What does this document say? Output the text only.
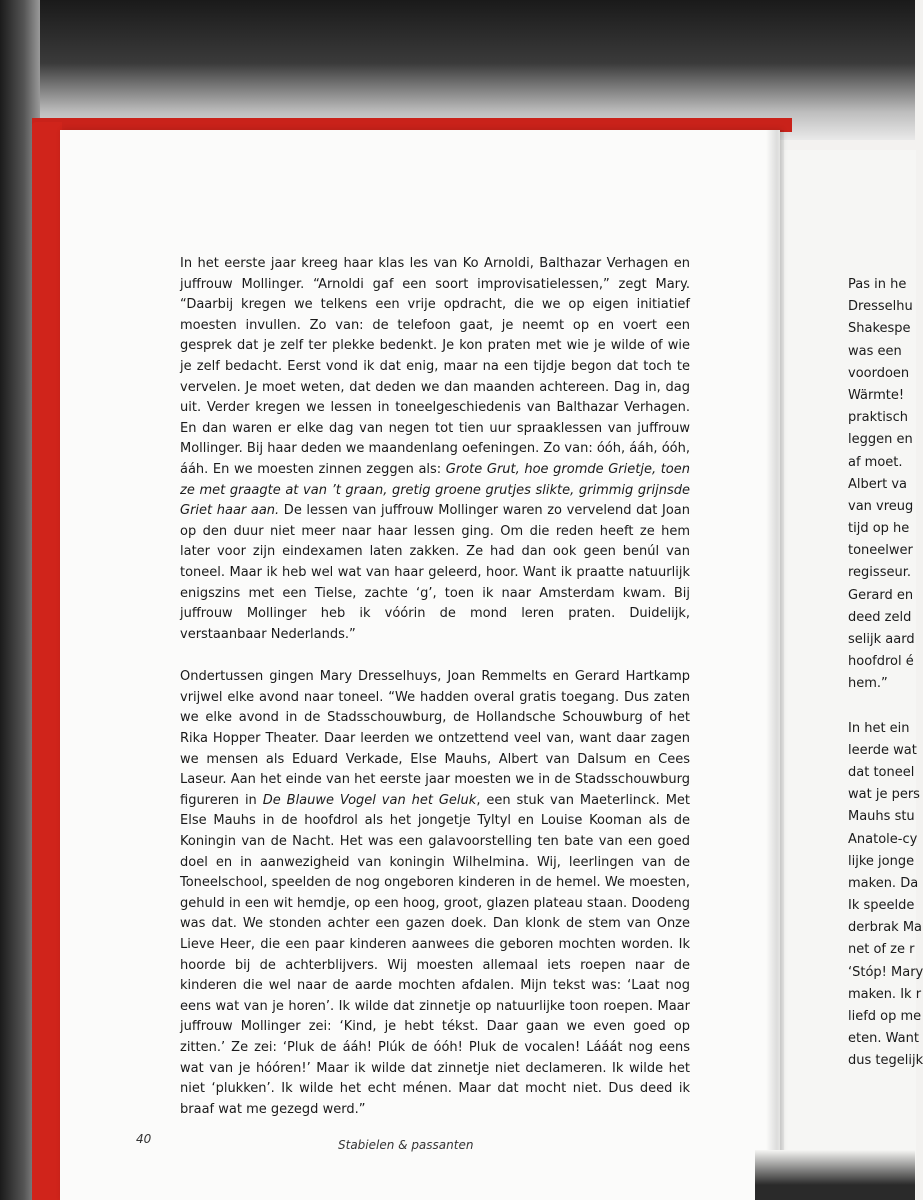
In het eerste jaar kreeg haar klas les van Ko Arnoldi, Balthazar Verhagen en juffrouw Mollinger. “Arnoldi gaf een soort improvisatielessen,” zegt Mary. “Daarbij kregen we telkens een vrije opdracht, die we op eigen initiatief moesten invullen. Zo van: de telefoon gaat, je neemt op en voert een gesprek dat je zelf ter plekke bedenkt. Je kon praten met wie je wilde of wie je zelf bedacht. Eerst vond ik dat enig, maar na een tijdje begon dat toch te vervelen. Je moet weten, dat deden we dan maanden achtereen. Dag in, dag uit. Verder kregen we lessen in toneelgeschiedenis van Balthazar Verhagen. En dan waren er elke dag van negen tot tien uur spraaklessen van juffrouw Mollinger. Bij haar deden we maandenlang oefeningen. Zo van: óóh, ááh, óóh, ááh. En we moesten zinnen zeggen als: Grote Grut, hoe gromde Grietje, toen ze met graagte at van ’t graan, gretig groene grutjes slikte, grimmig grijnsde Griet haar aan. De lessen van juffrouw Mollinger waren zo vervelend dat Joan op den duur niet meer naar haar lessen ging. Om die reden heeft ze hem later voor zijn eindexamen laten zakken. Ze had dan ook geen benúl van toneel. Maar ik heb wel wat van haar geleerd, hoor. Want ik praatte natuurlijk enigszins met een Tielse, zachte ‘g’, toen ik naar Amsterdam kwam. Bij juffrouw Mollinger heb ik vóórin de mond leren praten. Duidelijk, verstaanbaar Nederlands.”

Ondertussen gingen Mary Dresselhuys, Joan Remmelts en Gerard Hartkamp vrijwel elke avond naar toneel. “We hadden overal gratis toegang. Dus zaten we elke avond in de Stadsschouwburg, de Hollandsche Schouwburg of het Rika Hopper Theater. Daar leerden we ontzettend veel van, want daar zagen we mensen als Eduard Verkade, Else Mauhs, Albert van Dalsum en Cees Laseur. Aan het einde van het eerste jaar moesten we in de Stadsschouwburg figureren in De Blauwe Vogel van het Geluk, een stuk van Maeterlinck. Met Else Mauhs in de hoofdrol als het jongetje Tyltyl en Louise Kooman als de Koningin van de Nacht. Het was een galavoorstelling ten bate van een goed doel en in aanwezigheid van koningin Wilhelmina. Wij, leerlingen van de Toneelschool, speelden de nog ongeboren kinderen in de hemel. We moesten, gehuld in een wit hemdje, op een hoog, groot, glazen plateau staan. Doodeng was dat. We stonden achter een gazen doek. Dan klonk de stem van Onze Lieve Heer, die een paar kinderen aanwees die geboren mochten worden. Ik hoorde bij de achterblijvers. Wij moesten allemaal iets roepen naar de kinderen die wel naar de aarde mochten afdalen. Mijn tekst was: ‘Laat nog eens wat van je horen’. Ik wilde dat zinnetje op natuurlijke toon roepen. Maar juffrouw Mollinger zei: ‘Kind, je hebt tékst. Daar gaan we even goed op zitten.’ Ze zei: ‘Pluk de ááh! Plúk de óóh! Pluk de vocalen! Lááát nog eens wat van je hóóren!’ Maar ik wilde dat zinnetje niet declameren. Ik wilde het niet ‘plukken’. Ik wilde het echt ménen. Maar dat mocht niet. Dus deed ik braaf wat me gezegd werd.”

40	Stabielen & passanten
Pas in he
Dresselhu
Shakespe
was een
voordoen
Wärmte!
praktisch
leggen en
af moet.
Albert va
van vreug
tijd op he
toneelwer
regisseur.
Gerard en
deed zeld
selijk aard
hoofdrol é
hem.”
In het ein
leerde wat
dat toneel
wat je pers
Mauhs stu
Anatole-cy
lijke jonge
maken. Da
Ik speelde
derbrak Ma
net of ze r
‘Stóp! Mary
maken. Ik r
liefd op me
eten. Want
dus tegelijk
